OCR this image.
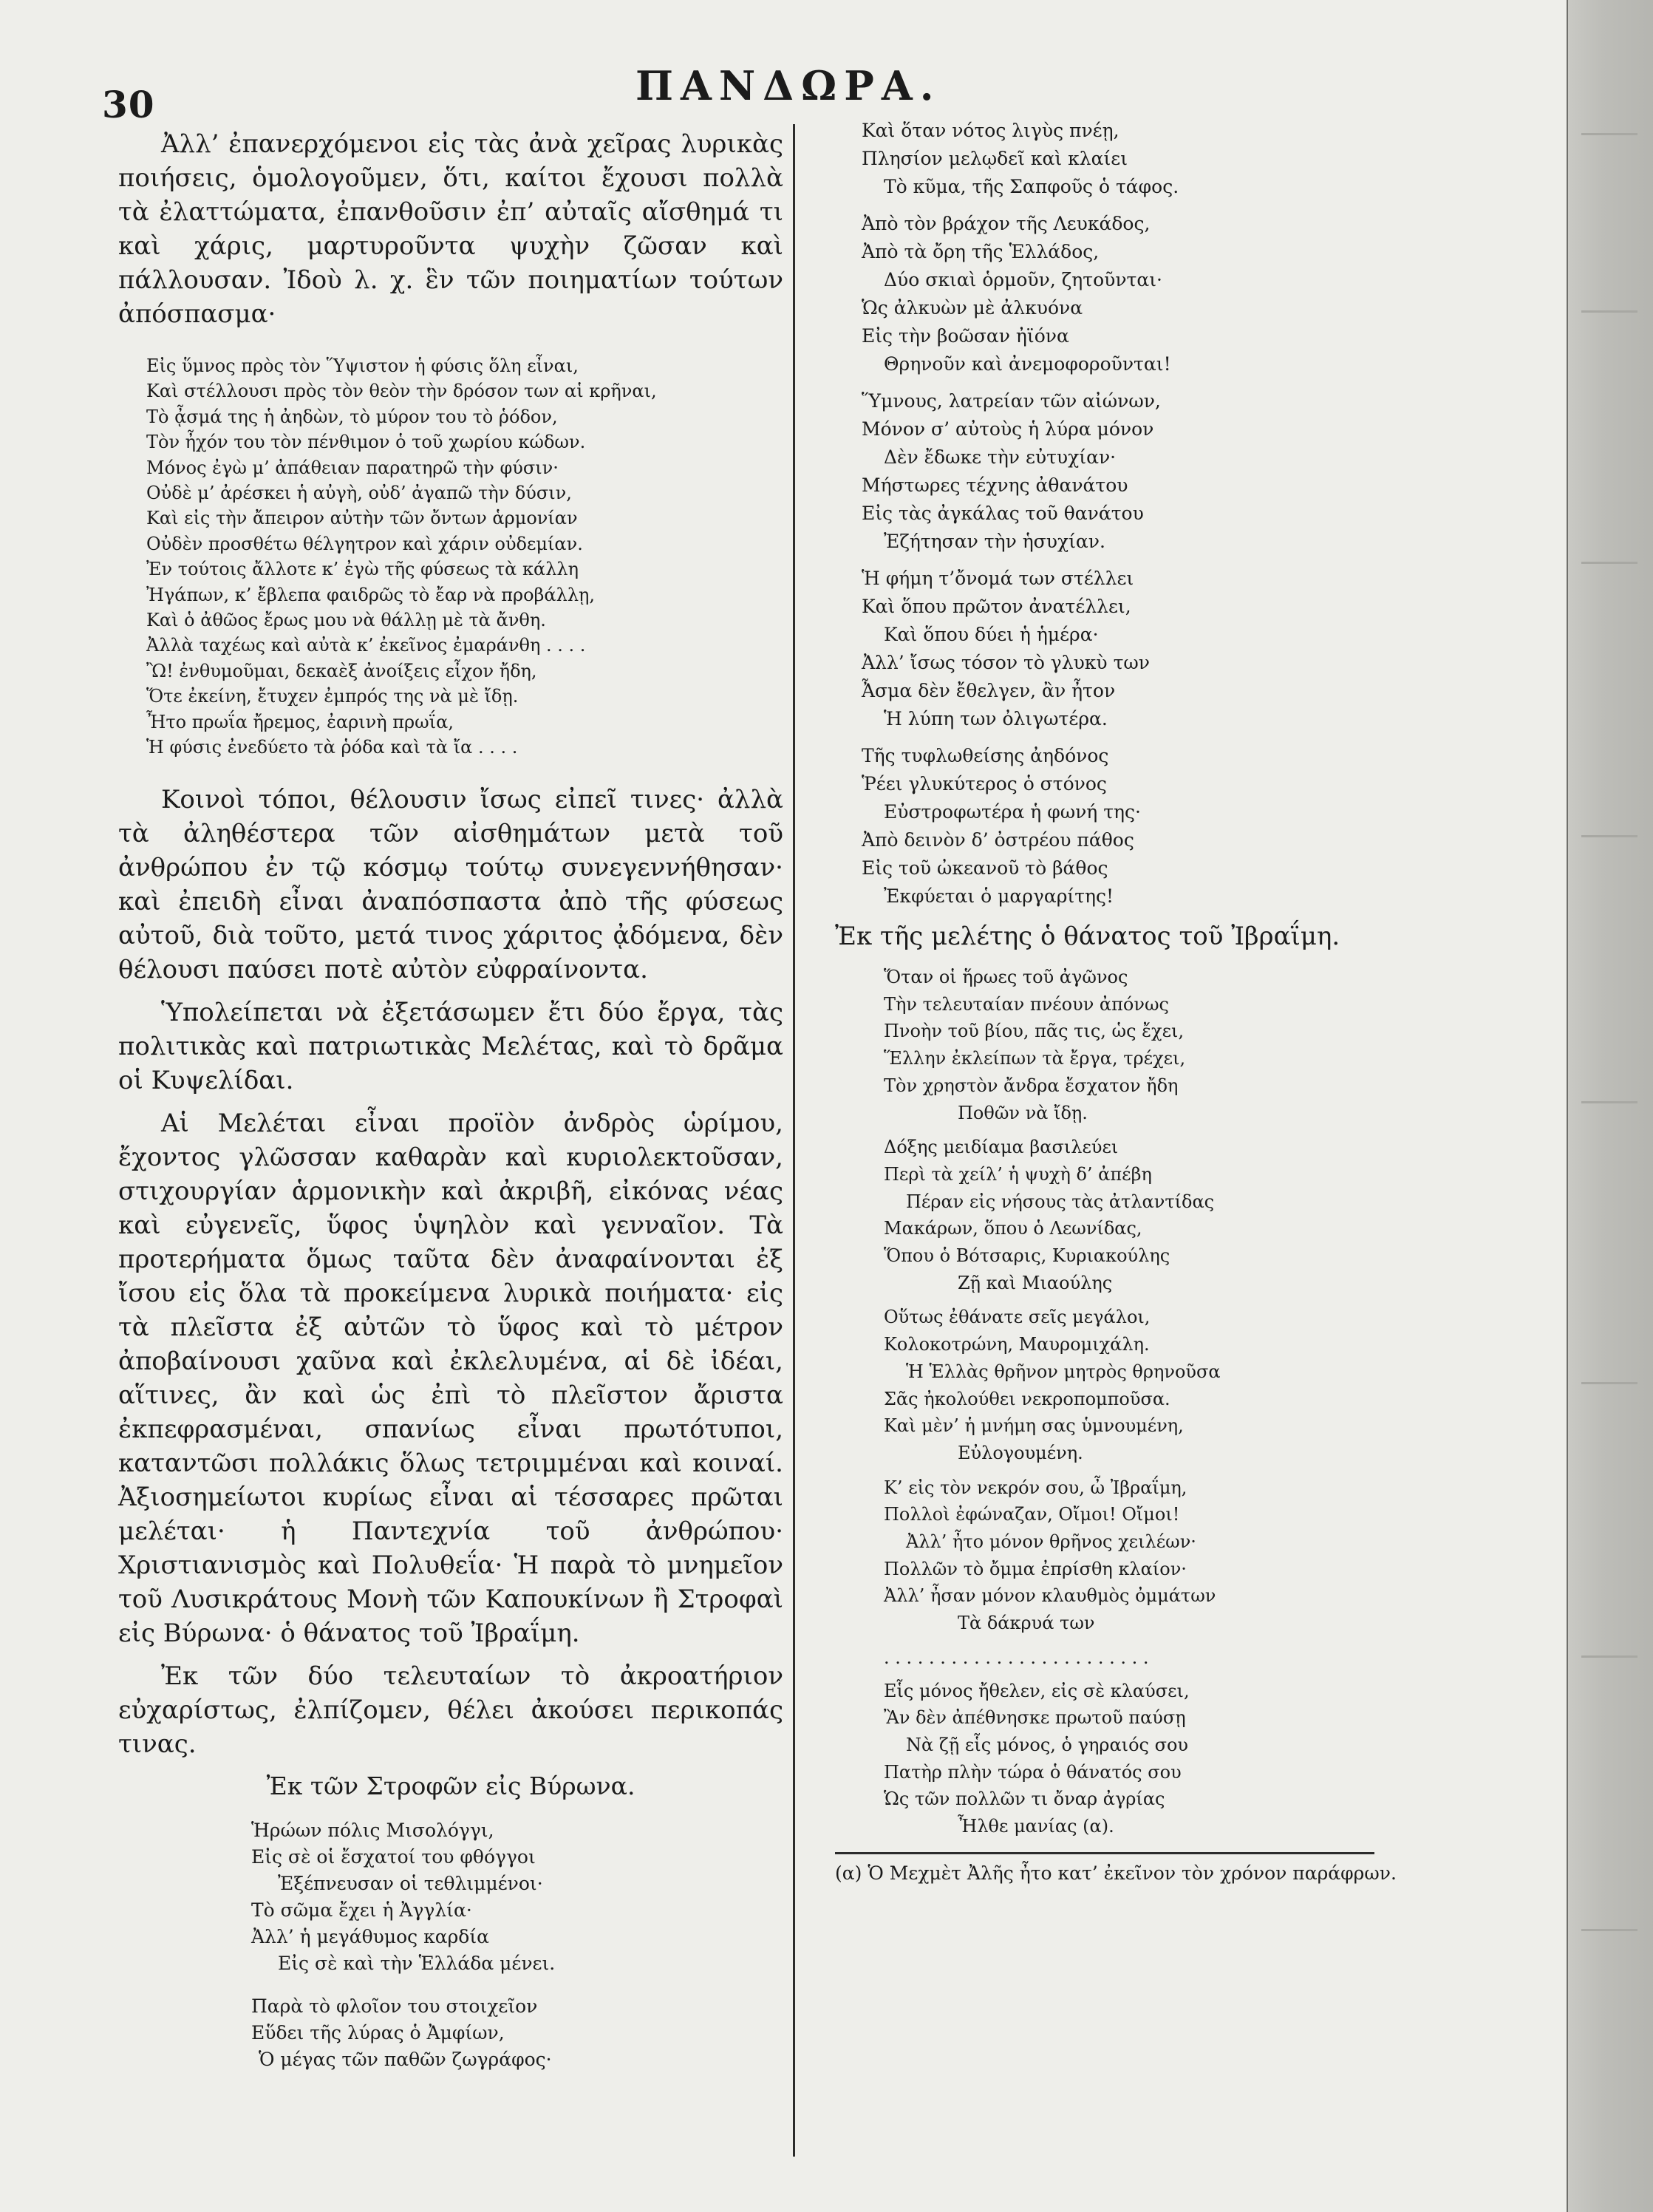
30	ΠΑΝΔΩΡΑ.

Ἀλλ’ ἐπανερχόμενοι εἰς τὰς ἀνὰ χεῖρας λυρικὰς ποιήσεις, ὁμολογοῦμεν, ὅτι, καίτοι ἔχουσι πολλὰ τὰ ἐλαττώματα, ἐπανθοῦσιν ἐπ’ αὐταῖς αἴσθημά τι καὶ χάρις, μαρτυροῦντα ψυχὴν ζῶσαν καὶ πάλλουσαν. Ἰδοὺ λ. χ. ἓν τῶν ποιηματίων τούτων ἀπόσπασμα·

Εἰς ὕμνος πρὸς τὸν Ὕψιστον ἡ φύσις ὅλη εἶναι,
Καὶ στέλλουσι πρὸς τὸν θεὸν τὴν δρόσον των αἱ κρῆναι,
Τὸ ᾆσμά της ἡ ἀηδὼν, τὸ μύρον του τὸ ῥόδον,
Τὸν ἦχόν του τὸν πένθιμον ὁ τοῦ χωρίου κώδων.
Μόνος ἐγὼ μ’ ἀπάθειαν παρατηρῶ τὴν φύσιν·
Οὐδὲ μ’ ἀρέσκει ἡ αὐγὴ, οὐδ’ ἀγαπῶ τὴν δύσιν,
Καὶ εἰς τὴν ἄπειρον αὐτὴν τῶν ὄντων ἁρμονίαν
Οὐδὲν προσθέτω θέλγητρον καὶ χάριν οὐδεμίαν.
Ἐν τούτοις ἄλλοτε κ’ ἐγὼ τῆς φύσεως τὰ κάλλη
Ἠγάπων, κ’ ἔβλεπα φαιδρῶς τὸ ἔαρ νὰ προβάλλῃ,
Καὶ ὁ ἀθῶος ἔρως μου νὰ θάλλῃ μὲ τὰ ἄνθη.
Ἀλλὰ ταχέως καὶ αὐτὰ κ’ ἐκεῖνος ἐμαράνθη . . . .
Ὢ! ἐνθυμοῦμαι, δεκαὲξ ἀνοίξεις εἶχον ἤδη,
Ὅτε ἐκείνη, ἔτυχεν ἐμπρός της νὰ μὲ ἴδῃ.
Ἦτο πρωΐα ἤρεμος, ἐαρινὴ πρωΐα,
Ἡ φύσις ἐνεδύετο τὰ ῥόδα καὶ τὰ ἴα . . . .

Κοινοὶ τόποι, θέλουσιν ἴσως εἰπεῖ τινες· ἀλλὰ τὰ ἀληθέστερα τῶν αἰσθημάτων μετὰ τοῦ ἀνθρώπου ἐν τῷ κόσμῳ τούτῳ συνεγεννήθησαν· καὶ ἐπειδὴ εἶναι ἀναπόσπαστα ἀπὸ τῆς φύσεως αὐτοῦ, διὰ τοῦτο, μετά τινος χάριτος ᾀδόμενα, δὲν θέλουσι παύσει ποτὲ αὐτὸν εὐφραίνοντα.

Ὑπολείπεται νὰ ἐξετάσωμεν ἔτι δύο ἔργα, τὰς πολιτικὰς καὶ πατριωτικὰς Μελέτας, καὶ τὸ δρᾶμα οἱ Κυψελίδαι.

Αἱ Μελέται εἶναι προϊὸν ἀνδρὸς ὡρίμου, ἔχοντος γλῶσσαν καθαρὰν καὶ κυριολεκτοῦσαν, στιχουργίαν ἁρμονικὴν καὶ ἀκριβῆ, εἰκόνας νέας καὶ εὐγενεῖς, ὕφος ὑψηλὸν καὶ γενναῖον. Τὰ προτερήματα ὅμως ταῦτα δὲν ἀναφαίνονται ἐξ ἴσου εἰς ὅλα τὰ προκείμενα λυρικὰ ποιήματα· εἰς τὰ πλεῖστα ἐξ αὐτῶν τὸ ὕφος καὶ τὸ μέτρον ἀποβαίνουσι χαῦνα καὶ ἐκλελυμένα, αἱ δὲ ἰδέαι, αἵτινες, ἂν καὶ ὡς ἐπὶ τὸ πλεῖστον ἄριστα ἐκπεφρασμέναι, σπανίως εἶναι πρωτότυποι, καταντῶσι πολλάκις ὅλως τετριμμέναι καὶ κοιναί. Ἀξιοσημείωτοι κυρίως εἶναι αἱ τέσσαρες πρῶται μελέται· ἡ Παντεχνία τοῦ ἀνθρώπου· Χριστιανισμὸς καὶ Πολυθεΐα· Ἡ παρὰ τὸ μνημεῖον τοῦ Λυσικράτους Μονὴ τῶν Καπουκίνων ἢ Στροφαὶ εἰς Βύρωνα· ὁ θάνατος τοῦ Ἰβραΐμη.

Ἐκ τῶν δύο τελευταίων τὸ ἀκροατήριον εὐχαρίστως, ἐλπίζομεν, θέλει ἀκούσει περικοπάς τινας.

Ἐκ τῶν Στροφῶν εἰς Βύρωνα.
Ἡρώων πόλις Μισολόγγι,
Εἰς σὲ οἱ ἔσχατοί του φθόγγοι
Ἐξέπνευσαν οἱ τεθλιμμένοι·
Τὸ σῶμα ἔχει ἡ Ἀγγλία·
Ἀλλ’ ἡ μεγάθυμος καρδία
Εἰς σὲ καὶ τὴν Ἑλλάδα μένει.
Παρὰ τὸ φλοῖον του στοιχεῖον
Εὕδει τῆς λύρας ὁ Ἀμφίων,
Ὁ μέγας τῶν παθῶν ζωγράφος·
Καὶ ὅταν νότος λιγὺς πνέῃ,
Πλησίον μελῳδεῖ καὶ κλαίει
Τὸ κῦμα, τῆς Σαπφοῦς ὁ τάφος.
Ἀπὸ τὸν βράχον τῆς Λευκάδος,
Ἀπὸ τὰ ὄρη τῆς Ἑλλάδος,
Δύο σκιαὶ ὁρμοῦν, ζητοῦνται·
Ὡς ἀλκυὼν μὲ ἀλκυόνα
Εἰς τὴν βοῶσαν ἠϊόνα
Θρηνοῦν καὶ ἀνεμοφοροῦνται!
Ὕμνους, λατρείαν τῶν αἰώνων,
Μόνον σ’ αὐτοὺς ἡ λύρα μόνον
Δὲν ἔδωκε τὴν εὐτυχίαν·
Μήστωρες τέχνης ἀθανάτου
Εἰς τὰς ἀγκάλας τοῦ θανάτου
Ἐζήτησαν τὴν ἡσυχίαν.
Ἡ φήμη τ’ὄνομά των στέλλει
Καὶ ὅπου πρῶτον ἀνατέλλει,
Καὶ ὅπου δύει ἡ ἡμέρα·
Ἀλλ’ ἴσως τόσον τὸ γλυκὺ των
Ἆσμα δὲν ἔθελγεν, ἂν ἦτον
Ἡ λύπη των ὀλιγωτέρα.
Τῆς τυφλωθείσης ἀηδόνος
Ῥέει γλυκύτερος ὁ στόνος
Εὐστροφωτέρα ἡ φωνή της·
Ἀπὸ δεινὸν δ’ ὀστρέου πάθος
Εἰς τοῦ ὠκεανοῦ τὸ βάθος
Ἐκφύεται ὁ μαργαρίτης!
Ἐκ τῆς μελέτης ὁ θάνατος τοῦ Ἰβραΐμη.
Ὅταν οἱ ἥρωες τοῦ ἀγῶνος
Τὴν τελευταίαν πνέουν ἀπόνως
Πνοὴν τοῦ βίου, πᾶς τις, ὡς ἔχει,
Ἕλλην ἐκλείπων τὰ ἔργα, τρέχει,
Τὸν χρηστὸν ἄνδρα ἔσχατον ἤδη
Ποθῶν νὰ ἴδῃ.
Δόξης μειδίαμα βασιλεύει
Περὶ τὰ χείλ’ ἡ ψυχὴ δ’ ἀπέβη
Πέραν εἰς νήσους τὰς ἀτλαντίδας
Μακάρων, ὅπου ὁ Λεωνίδας,
Ὅπου ὁ Βότσαρις, Κυριακούλης
Ζῇ καὶ Μιαούλης
Οὕτως ἐθάνατε σεῖς μεγάλοι,
Κολοκοτρώνη, Μαυρομιχάλη.
Ἡ Ἑλλὰς θρῆνον μητρὸς θρηνοῦσα
Σᾶς ἠκολούθει νεκροπομποῦσα.
Καὶ μὲν’ ἡ μνήμη σας ὑμνουμένη,
Εὐλογουμένη.
Κ’ εἰς τὸν νεκρόν σου, ὦ Ἰβραΐμη,
Πολλοὶ ἐφώναζαν, Οἴμοι! Οἴμοι!
Ἀλλ’ ἦτο μόνον θρῆνος χειλέων·
Πολλῶν τὸ ὄμμα ἐπρίσθη κλαίον·
Ἀλλ’ ἦσαν μόνον κλαυθμὸς ὀμμάτων
Τὰ δάκρυά των
. . . . . . . . . . . . . . . . . . . . . . . .
Εἷς μόνος ἤθελεν, εἰς σὲ κλαύσει,
Ἂν δὲν ἀπέθνησκε πρωτοῦ παύσῃ
Νὰ ζῇ εἷς μόνος, ὁ γηραιός σου
Πατὴρ πλὴν τώρα ὁ θάνατός σου
Ὡς τῶν πολλῶν τι ὄναρ ἀγρίας
Ἦλθε μανίας (α).
(α) Ὁ Μεχμὲτ Ἀλῆς ἦτο κατ’ ἐκεῖνον τὸν χρόνον παράφρων.
